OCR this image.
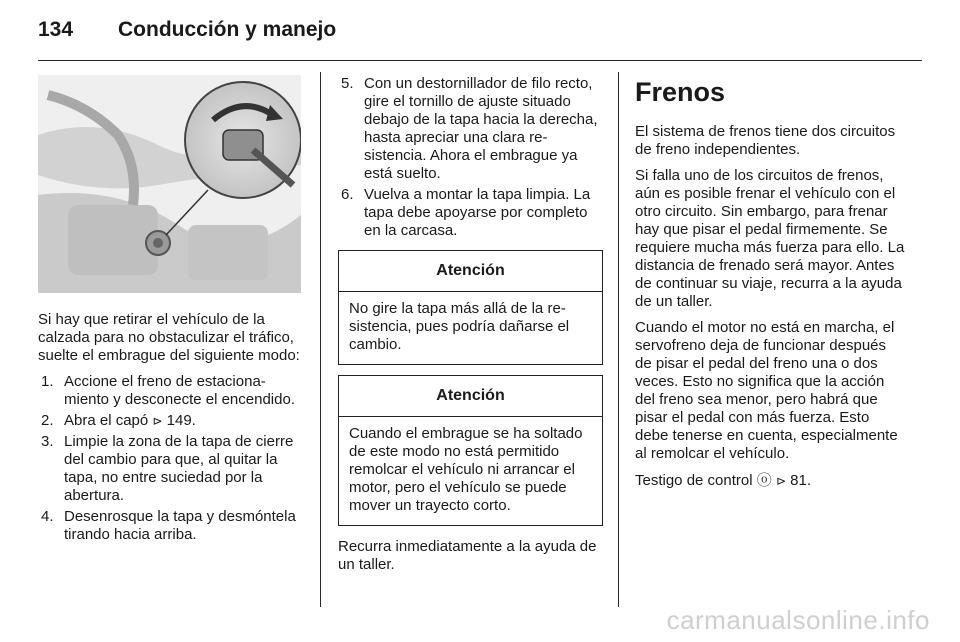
134	Conducción y manejo

Si hay que retirar el vehículo de la calzada para no obstaculizar el tráfico, suelte el embrague del siguiente modo:

1. Accione el freno de estacionamiento y desconecte el encendido.
2. Abra el capó ⊳ 149.
3. Limpie la zona de la tapa de cierre del cambio para que, al quitar la tapa, no entre suciedad por la abertura.
4. Desenrosque la tapa y desmóntela tirando hacia arriba.
5. Con un destornillador de filo recto, gire el tornillo de ajuste situado debajo de la tapa hacia la derecha, hasta apreciar una clara resistencia. Ahora el embrague ya está suelto.
6. Vuelva a montar la tapa limpia. La tapa debe apoyarse por completo en la carcasa.
Atención
No gire la tapa más allá de la resistencia, pues podría dañarse el cambio.
Atención
Cuando el embrague se ha soltado de este modo no está permitido remolcar el vehículo ni arrancar el motor, pero el vehículo se puede mover un trayecto corto.

Recurra inmediatamente a la ayuda de un taller.

Frenos

El sistema de frenos tiene dos circuitos de freno independientes.

Si falla uno de los circuitos de frenos, aún es posible frenar el vehículo con el otro circuito. Sin embargo, para frenar hay que pisar el pedal firmemente. Se requiere mucha más fuerza para ello. La distancia de frenado será mayor. Antes de continuar su viaje, recurra a la ayuda de un taller.

Cuando el motor no está en marcha, el servofreno deja de funcionar después de pisar el pedal del freno una o dos veces. Esto no significa que la acción del freno sea menor, pero habrá que pisar el pedal con más fuerza. Esto debe tenerse en cuenta, especialmente al remolcar el vehículo.

Testigo de control ⓞ ⊳ 81.

carmanualsonline.info
